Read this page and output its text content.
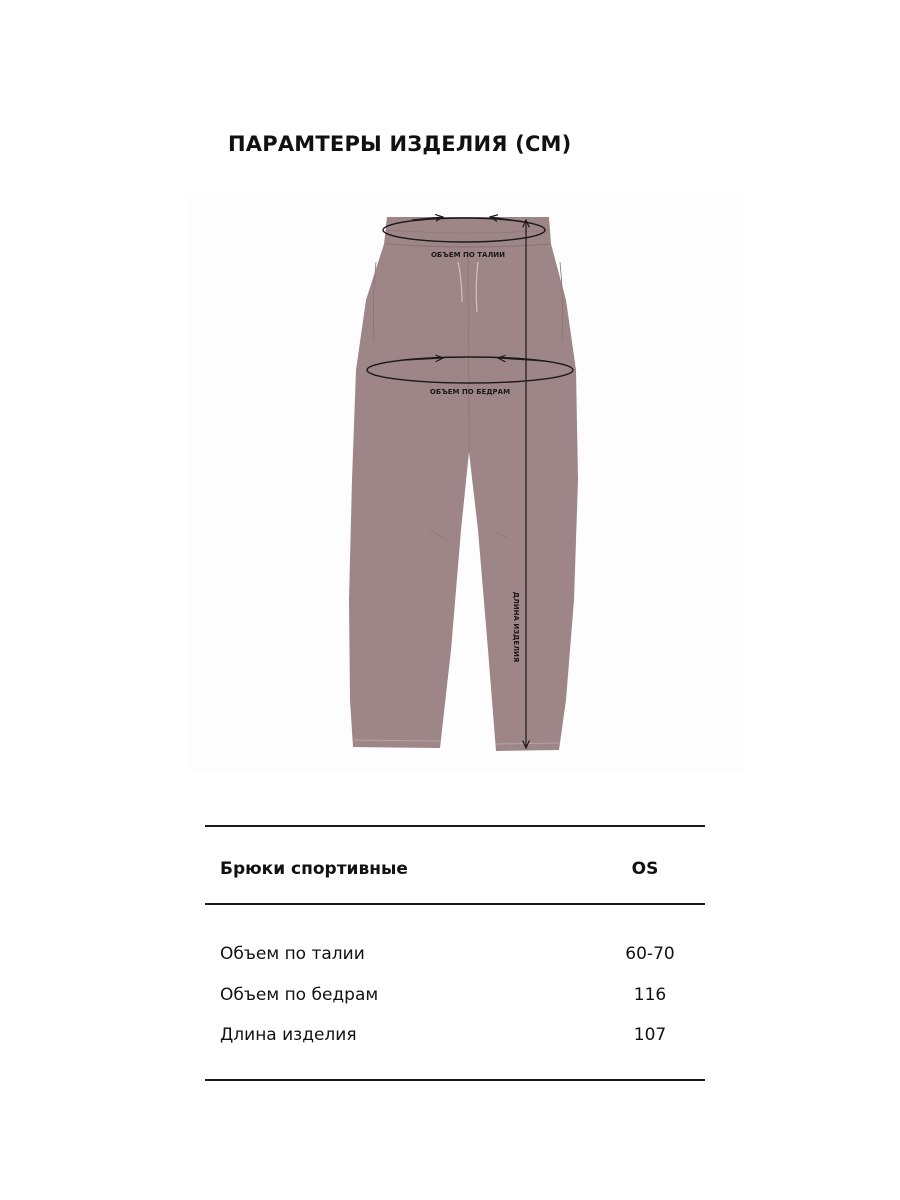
ПАРАМТЕРЫ ИЗДЕЛИЯ (СМ)
ОБЪЕМ ПО ТАЛИИ
ОБЪЕМ ПО БЕДРАМ
ДЛИНА ИЗДЕЛИЯ
Брюки спортивные	OS
Объем по талии	60-70
Объем по бедрам	116
Длина изделия	107
